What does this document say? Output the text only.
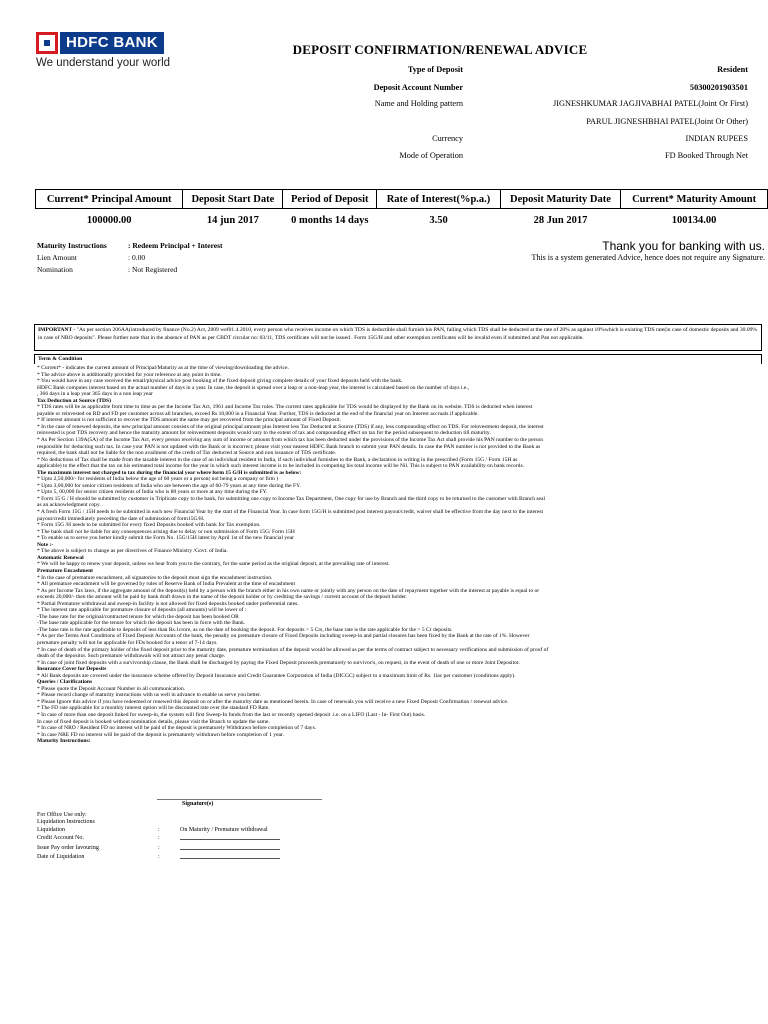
HDFC BANK
We understand your world
DEPOSIT CONFIRMATION/RENEWAL ADVICE
Type of Deposit	Resident
Deposit Account Number	50300201903501
Name and Holding pattern	JIGNESHKUMAR JAGJIVABHAI PATEL(Joint Or First)
PARUL JIGNESHBHAI PATEL(Joint Or Other)
Currency	INDIAN RUPEES
Mode of Operation	FD Booked Through Net
Current* Principal Amount	Deposit Start Date	Period of Deposit	Rate of Interest(%p.a.)	Deposit Maturity Date	Current* Maturity Amount
100000.00	14 jun 2017	0 months 14 days	3.50	28 Jun 2017	100134.00
Maturity Instructions	: Redeem Principal + Interest
Lien Amount	: 0.00
Nomination	: Not Registered
Thank you for banking with us.
This is a system generated Advice, hence does not require any Signature.
IMPORTANT - "As per section 206AA(introduced by finance (No.2) Act, 2009 wef01.4.2010, every person who receives income on which TDS is deductible shall furnish his PAN, failing which TDS shall be deducted at the rate of 20% as against 10%which is existing TDS rate(in case of domestic deposits and 30.09% in case of NRO deposits". Please further note that in the absence of PAN as per CBDT circular no: 03/11, TDS certificate will not be issued . Form 15G/H and other exemption certificates will be invalid even if submitted and Pan not applicable.
Term & Condition
* Current* - indicates the current amount of Principal/Maturity as at the time of viewing/downloading the advice.
* The advice above is additionally provided for your reference at any point in time.
* You would have in any case received the email/physical advice post booking of the fixed deposit giving complete details of your fixed deposits held with the bank.
HDFC Bank computes interest based on the actual number of days in a year. In case, the deposit is spread over a leap or a non-leap year, the interest is calculated based on the number of days i.e.,
, 366 days in a leap year 365 days in a non leap year
Tax Deduction at Source (TDS)
* TDS rates will be as applicable from time to time as per the Income Tax Act, 1961 and Income Tax rules. The current rates applicable for TDS would be displayed by the Bank on its website. TDS is deducted when interest
payable or reinvested on RD and FD per customer across all branches, exceed Rs 10,000 in a Financial Year. Further, TDS is deducted at the end of the financial year on Interest accruals if applicable.
* If interest amount is not sufficient to recover the TDS amount the same may get recovered from the principal amount of Fixed Deposit.
* In the case of renewed deposits, the new principal amount consists of the original principal amount plus Interest less Tax Deducted at Source (TDS) if any, less compounding effect on TDS. For reinvestment deposit, the interest
reinvested is post TDS recovery and hence the maturity amount for reinvestment deposits would vary to the extent of tax and compounding effect on tax for the period subsequent to deduction till maturity.
* As Per Section 139A(5A) of the Income Tax Act, every person receiving any sum of income or amount from which tax has been deducted under the provisions of the Income Tax Act shall provide his PAN number to the person
responsible for deducting such tax. In case your PAN is not updated with the Bank or is incorrect; please visit your nearest HDFC Bank branch to submit your PAN details. In case the PAN number is not provided to the Bank as
required, the bank shall not be liable for the non availment of the credit of Tax deducted at Source and non issuance of TDS certificate.
* No deductions of Tax shall be made from the taxable interest in the case of an individual resident in India, if such individual furnishes to the Bank, a declaration in writing in the prescribed (Form 15G / Form 15H as
applicable) to the effect that the tax on his estimated total income for the year in which such interest income is to be included in computing his total income will be Nil. This is subject to PAN availability on bank records.
The maximum interest not charged to tax during the financial year where form 15 G/H is submitted is as below:
* Upto 2,50,000/- for residents of India below the age of 60 years or a person( not being a company or firm )
* Upto 3,00,000 for senior citizen residents of India who are between the age of 60-79 years at any time during the FY.
* Upto 5, 00,000 for senior citizen residents of India who is 80 years or more at any time during the FY.
* Form 15 G / H should be submitted by customer in Triplicate copy to the bank, for submitting one copy to Income Tax Department, One copy for use by Branch and the third copy to be returned to the customer with Branch seal
as an acknowledgment copy.
* A fresh Form 15G / 15H needs to be submitted in each new Financial Year by the start of the Financial Year. In case form 15G/H is submitted post interest payout/credit, waiver shall be effective from the day next to the interest
payout/credit immediately preceding the date of submission of form15G/H.
* Form 15G /H needs to be submitted for every fixed Deposits booked with bank for Tax exemption.
* The bank shall not be liable for any consequences arising due to delay or non submission of Form 15G/ Form 15H
* To enable us to serve you better kindly submit the Form No. 15G/15H latest by April 1st of the new financial year
Note :-
* The above is subject to change as per directives of Finance Ministry /Govt. of India.
Automatic Renewal
* We will be happy to renew your deposit, unless we hear from you to the contrary, for the same period as the original deposit, at the prevailing rate of interest.
Premature Encashment
* In the case of premature encashment, all signatories to the deposit must sign the encashment instruction.
* All premature encashment will be governed by rules of Reserve Bank of India Prevalent at the time of encashment
* As per Income Tax laws, if the aggregate amount of the deposit(s) held by a person with the branch either in his own name or jointly with any person on the date of repayment together with the interest at payable is equal to or
exceeds 20,000/- then the amount will be paid by bank draft drawn in the name of the deposit holder or by crediting the savings / current account of the deposit holder.
* Partial Premature withdrawal and sweep-in facility is not allowed for fixed deposits booked under preferential rates.
* The interest rate applicable for premature closure of deposits (all amounts) will be lower of :
-The base rate for the original/contracted tenure for which the deposit has been booked OR
-The base rate applicable for the tenure for which the deposit has been in force with the Bank.
-The base rate is the rate applicable to deposits of less than Rs.1crore, as on the date of booking the deposit. For deposits > 5 Crs, the base rate is the rate applicable for the > 5 Cr deposits.
* As per the Terms And Conditions of Fixed Deposit Accounts of the bank, the penalty on premature closure of Fixed Deposits including sweep-in and partial closures has been fixed by the Bank at the rate of 1%. However
premature penalty will not be applicable for FDs booked for a tenor of 7-14 days.
* In case of death of the primary holder of the fixed deposit prior to the maturity date, premature termination of the deposit would be allowed as per the terms of contract subject to necessary verifications and submission of proof of
death of the depositor. Such premature withdrawals will not attract any penal charge.
* In case of joint fixed deposits with a survivorship clause, the Bank shall be discharged by paying the Fixed Deposit proceeds prematurely to survivor/s, on request, in the event of death of one or more Joint Depositor.
Insurance Cover for Deposits
* All Bank deposits are covered under the insurance scheme offered by Deposit Insurance and Credit Guarantee Corporation of India (DICGC) subject to a maximum limit of Rs. 1lac per customer (conditions apply).
Queries / Clarifications
* Please quote the Deposit Account Number in all communication.
* Please record change of maturity instructions with us well in advance to enable us serve you better.
* Please Ignore this advice if you have redeemed or renewed this deposit on or after the maturity date as mentioned herein. In case of renewals you will receive a new Fixed Deposit Confirmation / renewal advice.
* The FD rate applicable for a monthly interest option will be discounted rate over the standard FD Rate.
* In case of more than one deposit linked for sweep-in, the system will first Sweep-In funds from the last or recently opened deposit .i.e. on a LIFO (Last - In- First Out) basis.
In case of fixed deposit is booked without nomination details, please visit the Branch to update the same.
* In case of NRO / Resident FD no interest will be paid of the deposit is prematurely Withdrawn before completion of 7 days.
* In case NRE FD no interest will be paid of the deposit is prematurely withdrawn before completion of 1 year.
Maturity Instructions:
Signature(s)
For Office Use only:
Liquidation Instructions		
Liquidation	:	On Maturity / Premature withdrawal
Credit Account No.	:	
Issue Pay order favouring	:	
Date of Liquidation	:	
